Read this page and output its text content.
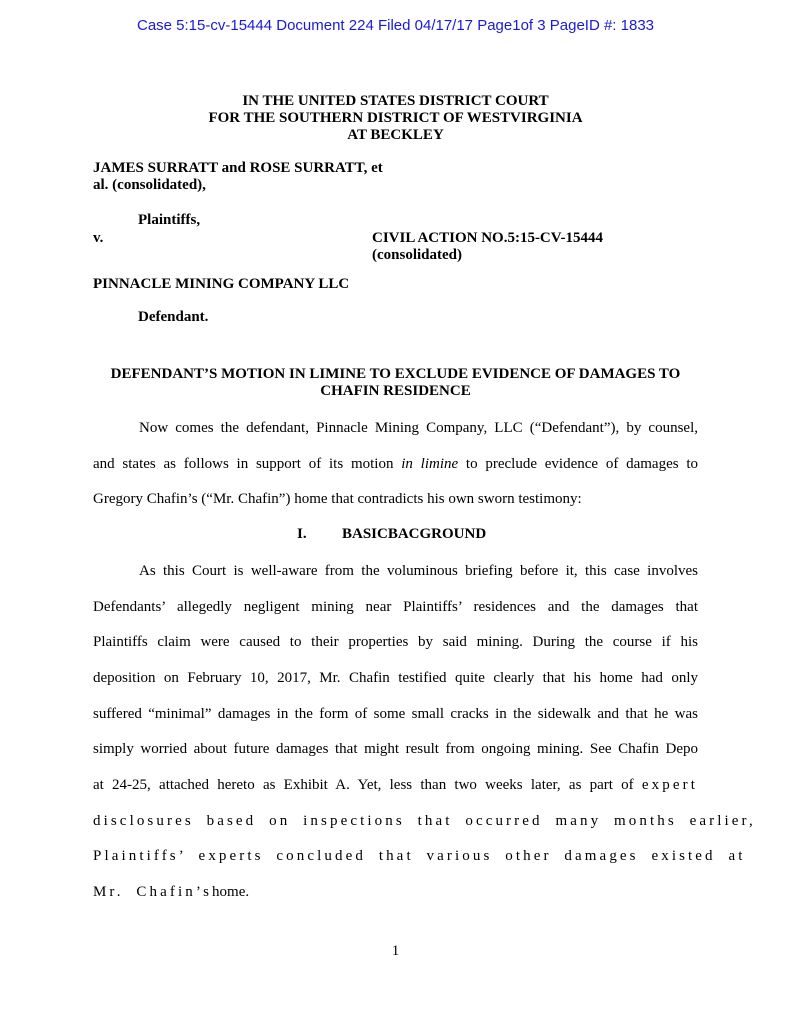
Case 5:15-cv-15444 Document 224 Filed 04/17/17 Page1of 3 PageID #: 1833
IN THE UNITED STATES DISTRICT COURT
FOR THE SOUTHERN DISTRICT OF WESTVIRGINIA
AT BECKLEY
JAMES SURRATT and ROSE SURRATT, et
al. (consolidated),
Plaintiffs,
v.	CIVIL ACTION NO.5:15-CV-15444
(consolidated)
PINNACLE MINING COMPANY LLC
Defendant.
DEFENDANT’S MOTION IN LIMINE TO EXCLUDE EVIDENCE OF DAMAGES TO
CHAFIN RESIDENCE
Now comes the defendant, Pinnacle Mining Company, LLC (“Defendant”), by counsel,
and states as follows in support of its motion in limine to preclude evidence of damages to
Gregory Chafin’s (“Mr. Chafin”) home that contradicts his own sworn testimony:
I. BASICBACGROUND
As this Court is well-aware from the voluminous briefing before it, this case involves
Defendants’ allegedly negligent mining near Plaintiffs’ residences and the damages that
Plaintiffs claim were caused to their properties by said mining. During the course if his
deposition on February 10, 2017, Mr. Chafin testified quite clearly that his home had only
suffered “minimal” damages in the form of some small cracks in the sidewalk and that he was
simply worried about future damages that might result from ongoing mining. See Chafin Depo
at 24-25, attached hereto as Exhibit A. Yet, less than two weeks later, as part of expert
disclosures based on inspections that occurred many months earlier,
Plaintiffs’ experts concluded that various other damages existed at
Mr. Chafin’shome.
1
